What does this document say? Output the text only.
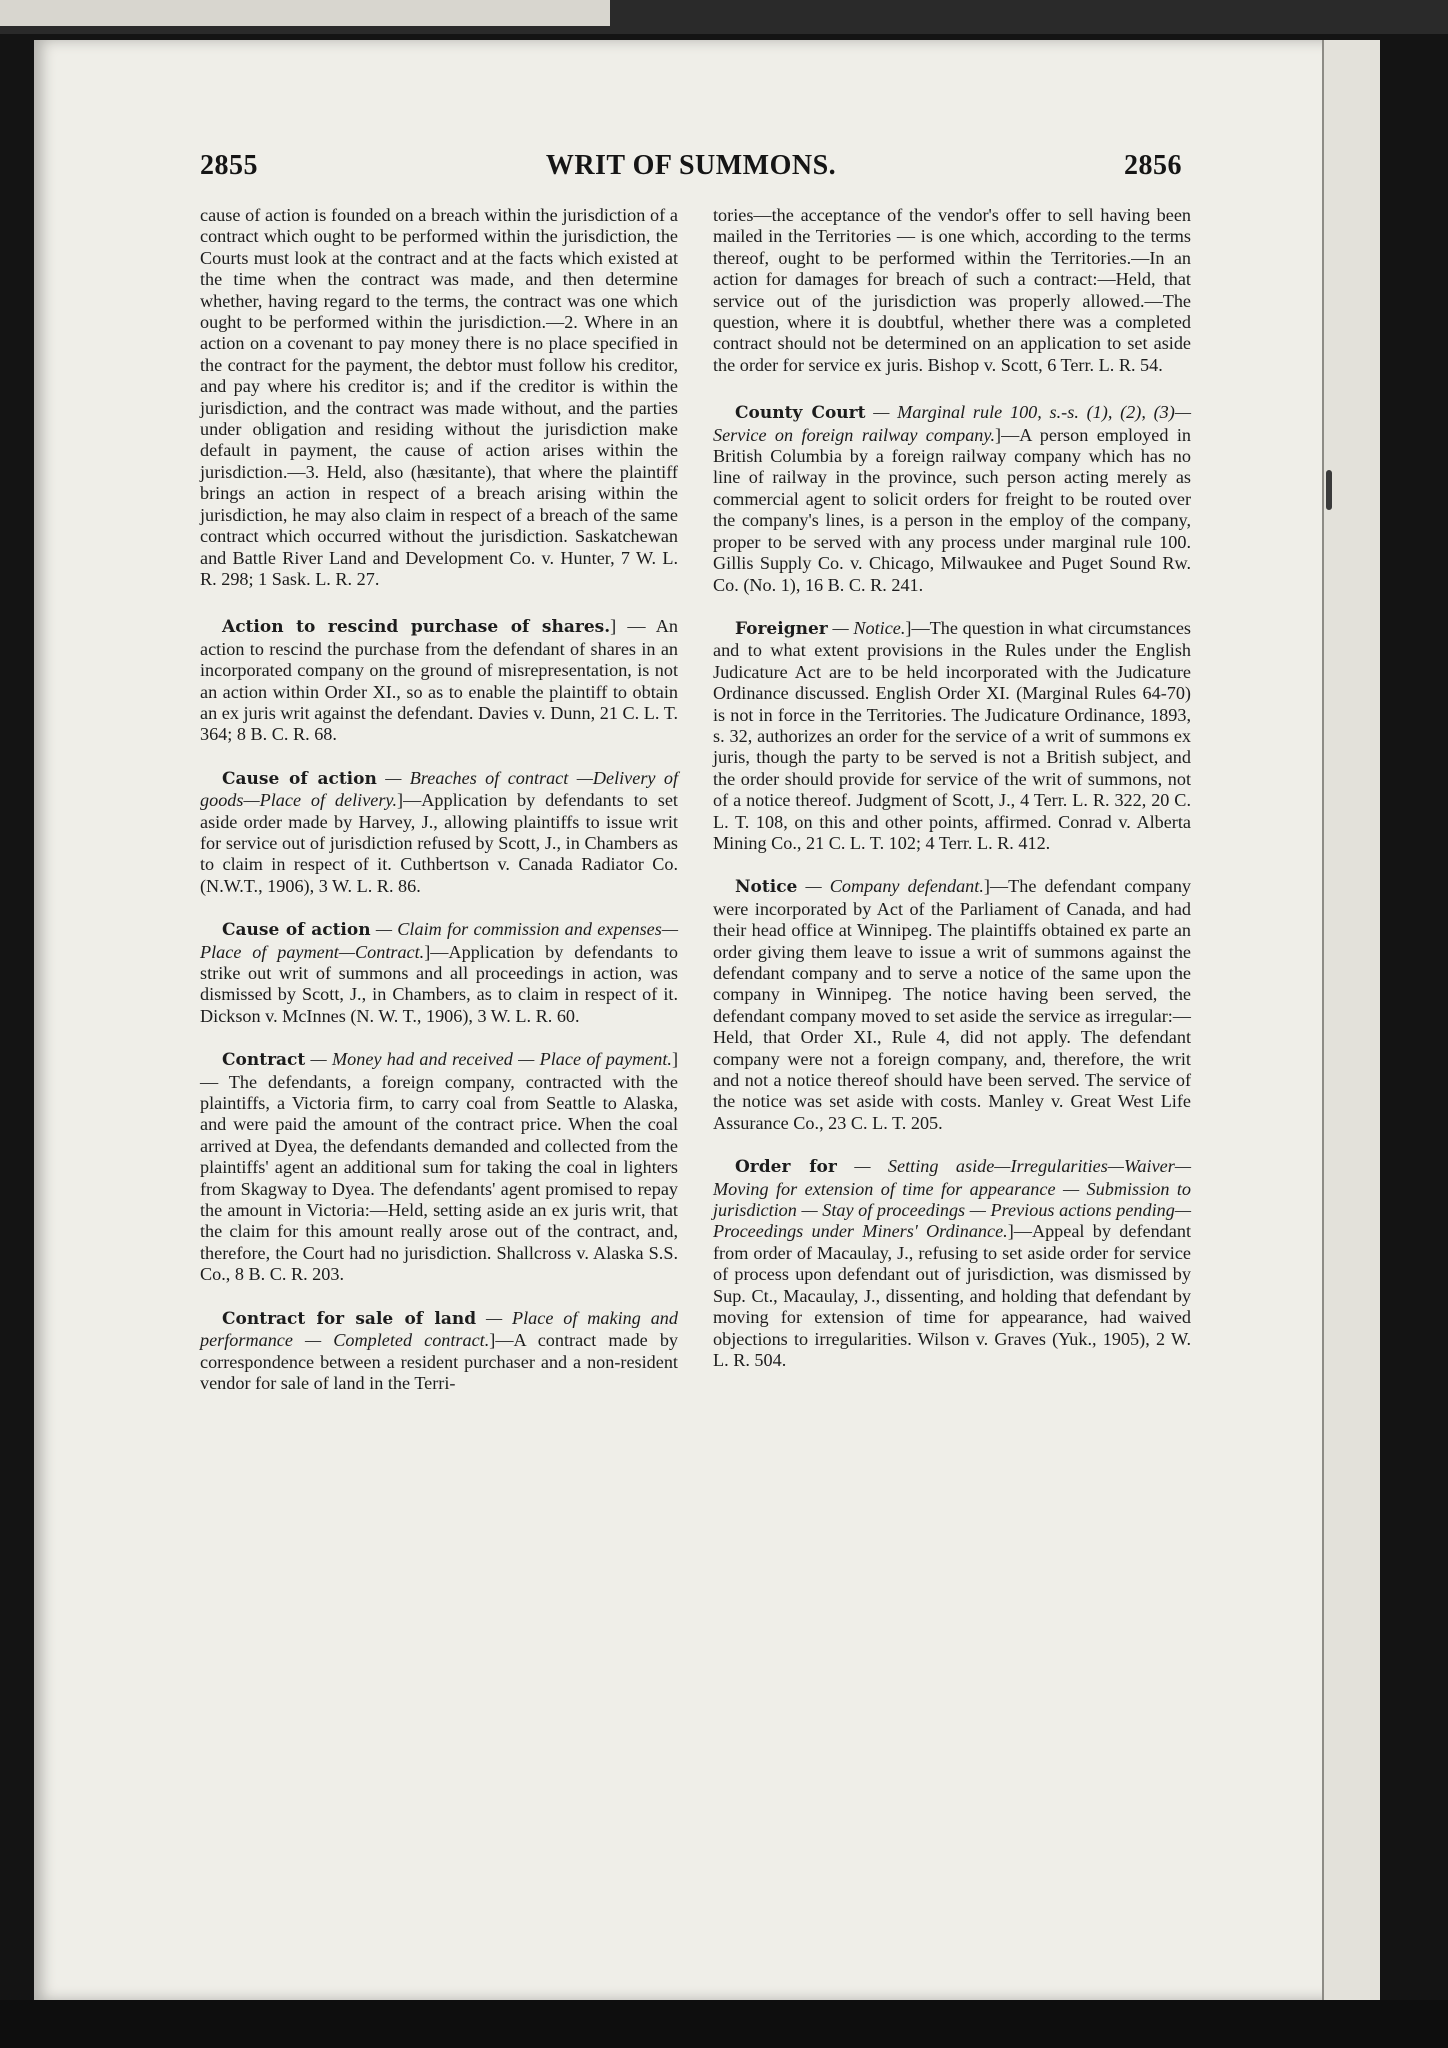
2855	WRIT OF SUMMONS.	2856

cause of action is founded on a breach within the jurisdiction of a contract which ought to be performed within the jurisdiction, the Courts must look at the contract and at the facts which existed at the time when the contract was made, and then determine whether, having regard to the terms, the contract was one which ought to be performed within the jurisdiction.—2. Where in an action on a covenant to pay money there is no place specified in the contract for the payment, the debtor must follow his creditor, and pay where his creditor is; and if the creditor is within the jurisdiction, and the contract was made without, and the parties under obligation and residing without the jurisdiction make default in payment, the cause of action arises within the jurisdiction.—3. Held, also (hæsitante), that where the plaintiff brings an action in respect of a breach arising within the jurisdiction, he may also claim in respect of a breach of the same contract which occurred without the jurisdiction. Saskatchewan and Battle River Land and Development Co. v. Hunter, 7 W. L. R. 298; 1 Sask. L. R. 27.

Action to rescind purchase of shares.] — An action to rescind the purchase from the defendant of shares in an incorporated company on the ground of misrepresentation, is not an action within Order XI., so as to enable the plaintiff to obtain an ex juris writ against the defendant. Davies v. Dunn, 21 C. L. T. 364; 8 B. C. R. 68.

Cause of action — Breaches of contract —Delivery of goods—Place of delivery.]—Application by defendants to set aside order made by Harvey, J., allowing plaintiffs to issue writ for service out of jurisdiction refused by Scott, J., in Chambers as to claim in respect of it. Cuthbertson v. Canada Radiator Co. (N.W.T., 1906), 3 W. L. R. 86.

Cause of action — Claim for commission and expenses—Place of payment—Contract.]—Application by defendants to strike out writ of summons and all proceedings in action, was dismissed by Scott, J., in Chambers, as to claim in respect of it. Dickson v. McInnes (N. W. T., 1906), 3 W. L. R. 60.

Contract — Money had and received — Place of payment.] — The defendants, a foreign company, contracted with the plaintiffs, a Victoria firm, to carry coal from Seattle to Alaska, and were paid the amount of the contract price. When the coal arrived at Dyea, the defendants demanded and collected from the plaintiffs' agent an additional sum for taking the coal in lighters from Skagway to Dyea. The defendants' agent promised to repay the amount in Victoria:—Held, setting aside an ex juris writ, that the claim for this amount really arose out of the contract, and, therefore, the Court had no jurisdiction. Shallcross v. Alaska S.S. Co., 8 B. C. R. 203.

Contract for sale of land — Place of making and performance — Completed contract.]—A contract made by correspondence between a resident purchaser and a non-resident vendor for sale of land in the Terri-

tories—the acceptance of the vendor's offer to sell having been mailed in the Territories — is one which, according to the terms thereof, ought to be performed within the Territories.—In an action for damages for breach of such a contract:—Held, that service out of the jurisdiction was properly allowed.—The question, where it is doubtful, whether there was a completed contract should not be determined on an application to set aside the order for service ex juris. Bishop v. Scott, 6 Terr. L. R. 54.

County Court — Marginal rule 100, s.-s. (1), (2), (3)—Service on foreign railway company.]—A person employed in British Columbia by a foreign railway company which has no line of railway in the province, such person acting merely as commercial agent to solicit orders for freight to be routed over the company's lines, is a person in the employ of the company, proper to be served with any process under marginal rule 100. Gillis Supply Co. v. Chicago, Milwaukee and Puget Sound Rw. Co. (No. 1), 16 B. C. R. 241.

Foreigner — Notice.]—The question in what circumstances and to what extent provisions in the Rules under the English Judicature Act are to be held incorporated with the Judicature Ordinance discussed. English Order XI. (Marginal Rules 64-70) is not in force in the Territories. The Judicature Ordinance, 1893, s. 32, authorizes an order for the service of a writ of summons ex juris, though the party to be served is not a British subject, and the order should provide for service of the writ of summons, not of a notice thereof. Judgment of Scott, J., 4 Terr. L. R. 322, 20 C. L. T. 108, on this and other points, affirmed. Conrad v. Alberta Mining Co., 21 C. L. T. 102; 4 Terr. L. R. 412.

Notice — Company defendant.]—The defendant company were incorporated by Act of the Parliament of Canada, and had their head office at Winnipeg. The plaintiffs obtained ex parte an order giving them leave to issue a writ of summons against the defendant company and to serve a notice of the same upon the company in Winnipeg. The notice having been served, the defendant company moved to set aside the service as irregular:—Held, that Order XI., Rule 4, did not apply. The defendant company were not a foreign company, and, therefore, the writ and not a notice thereof should have been served. The service of the notice was set aside with costs. Manley v. Great West Life Assurance Co., 23 C. L. T. 205.

Order for — Setting aside—Irregularities—Waiver—Moving for extension of time for appearance — Submission to jurisdiction — Stay of proceedings — Previous actions pending—Proceedings under Miners' Ordinance.]—Appeal by defendant from order of Macaulay, J., refusing to set aside order for service of process upon defendant out of jurisdiction, was dismissed by Sup. Ct., Macaulay, J., dissenting, and holding that defendant by moving for extension of time for appearance, had waived objections to irregularities. Wilson v. Graves (Yuk., 1905), 2 W. L. R. 504.
